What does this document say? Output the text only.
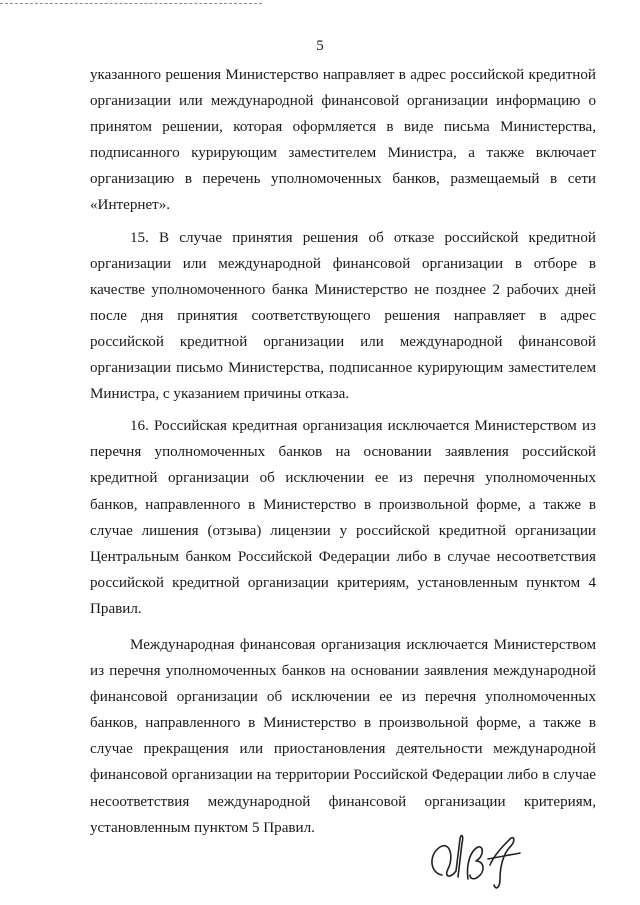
5

указанного решения Министерство направляет в адрес российской кредитной организации или международной финансовой организации информацию о принятом решении, которая оформляется в виде письма Министерства, подписанного курирующим заместителем Министра, а также включает организацию в перечень уполномоченных банков, размещаемый в сети «Интернет».

15. В случае принятия решения об отказе российской кредитной организации или международной финансовой организации в отборе в качестве уполномоченного банка Министерство не позднее 2 рабочих дней после дня принятия соответствующего решения направляет в адрес российской кредитной организации или международной финансовой организации письмо Министерства, подписанное курирующим заместителем Министра, с указанием причины отказа.

16. Российская кредитная организация исключается Министерством из перечня уполномоченных банков на основании заявления российской кредитной организации об исключении ее из перечня уполномоченных банков, направленного в Министерство в произвольной форме, а также в случае лишения (отзыва) лицензии у российской кредитной организации Центральным банком Российской Федерации либо в случае несоответствия российской кредитной организации критериям, установленным пунктом 4 Правил.

Международная финансовая организация исключается Министерством из перечня уполномоченных банков на основании заявления международной финансовой организации об исключении ее из перечня уполномоченных банков, направленного в Министерство в произвольной форме, а также в случае прекращения или приостановления деятельности международной финансовой организации на территории Российской Федерации либо в случае несоответствия международной финансовой организации критериям, установленным пунктом 5 Правил.
